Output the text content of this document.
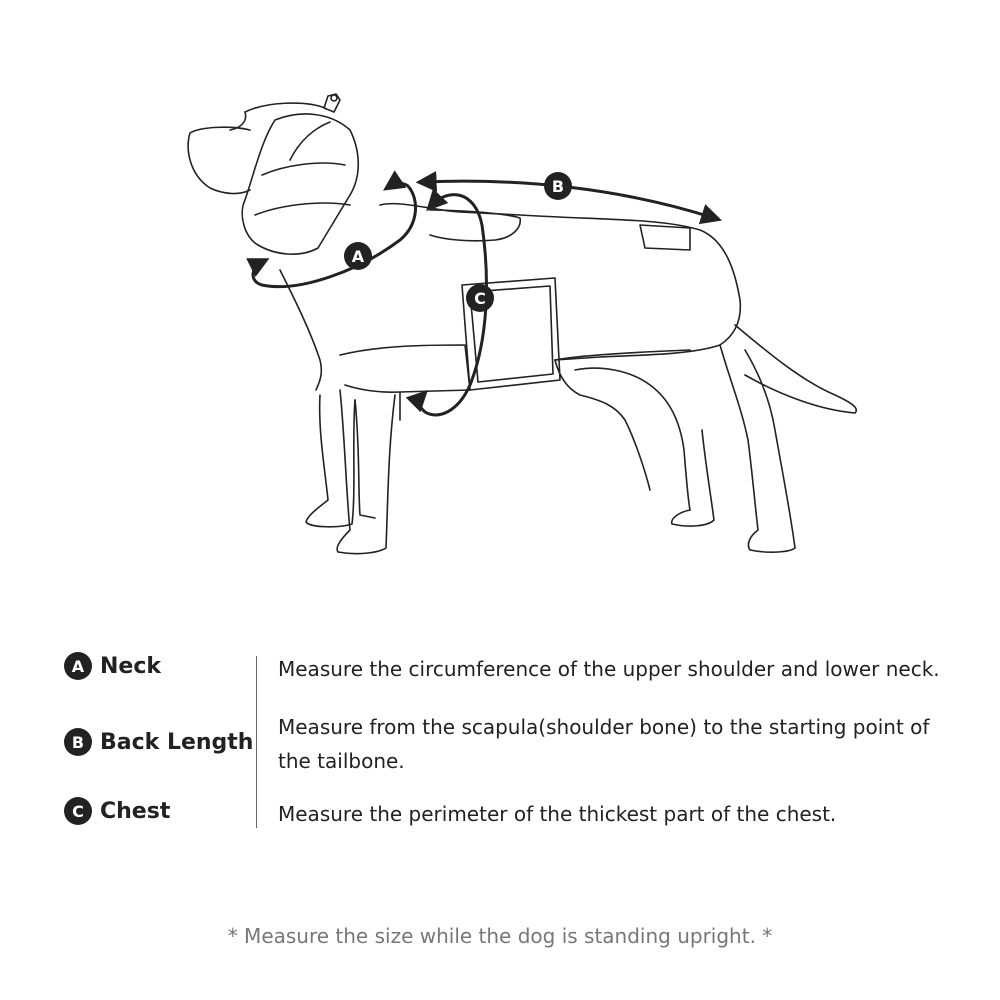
A
B
C
A Neck	Measure the circumference of the upper shoulder and lower neck.
B Back Length
Measure from the scapula(shoulder bone) to the starting point of the tailbone.
C Chest	Measure the perimeter of the thickest part of the chest.
* Measure the size while the dog is standing upright. *
